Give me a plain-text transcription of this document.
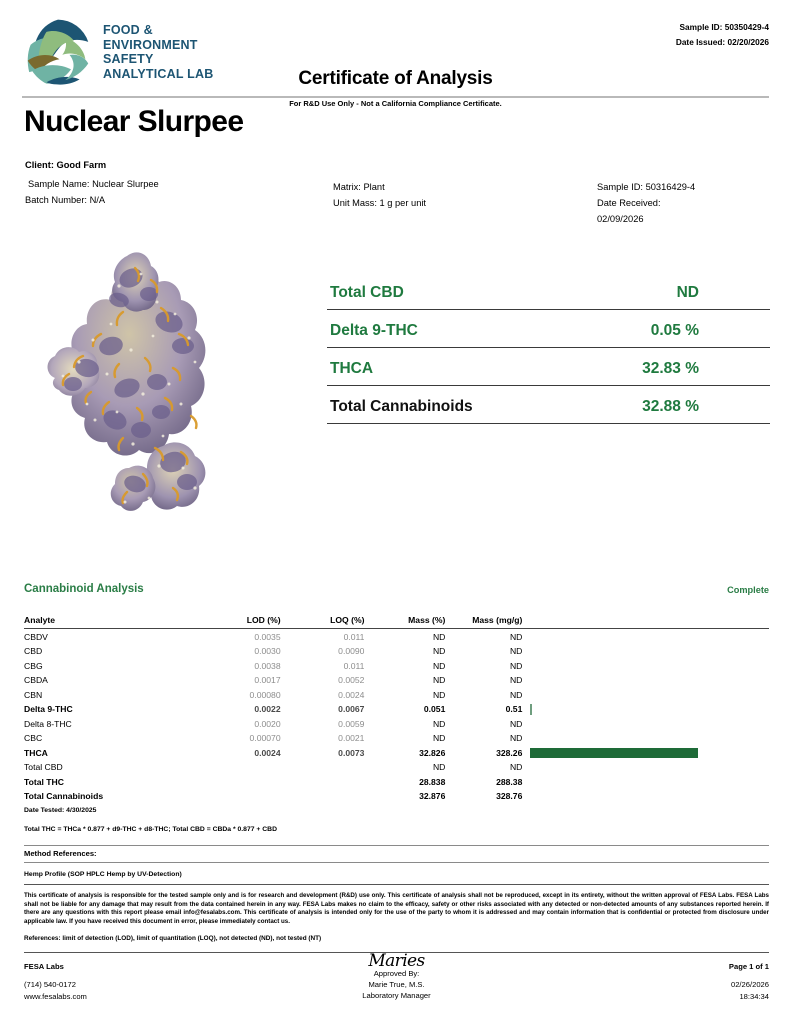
FOOD &
ENVIRONMENT
SAFETY
ANALYTICAL LAB	Certificate of Analysis
Sample ID: 50350429-4
Date Issued: 02/20/2026
For R&D Use Only - Not a California Compliance Certificate.
Nuclear Slurpee
Client: Good Farm
Sample Name: Nuclear Slurpee
Batch Number: N/A
Matrix: Plant
Unit Mass: 1 g per unit
Sample ID: 50316429-4
Date Received:
02/09/2026
Total CBD	ND
Delta 9-THC	0.05 %
THCA	32.83 %
Total Cannabinoids	32.88 %
Cannabinoid Analysis	Complete
Analyte	LOD (%)	LOQ (%)	Mass (%)	Mass (mg/g)	
CBDV	0.0035	0.011	ND	ND	
CBD	0.0030	0.0090	ND	ND	
CBG	0.0038	0.011	ND	ND	
CBDA	0.0017	0.0052	ND	ND	
CBN	0.00080	0.0024	ND	ND	
Delta 9-THC	0.0022	0.0067	0.051	0.51	
Delta 8-THC	0.0020	0.0059	ND	ND	
CBC	0.00070	0.0021	ND	ND	
THCA	0.0024	0.0073	32.826	328.26	
Total CBD			ND	ND	
Total THC			28.838	288.38	
Total Cannabinoids			32.876	328.76	
Date Tested: 4/30/2025
Total THC = THCa * 0.877 + d9-THC + d8-THC; Total CBD = CBDa * 0.877 + CBD
Method References:
Hemp Profile (SOP HPLC Hemp by UV-Detection)
This certificate of analysis is responsible for the tested sample only and is for research and development (R&D) use only. This certificate of analysis shall not be reproduced, except in its entirety, without the written approval of FESA Labs. FESA Labs shall not be liable for any damage that may result from the data contained herein in any way. FESA Labs makes no claim to the efficacy, safety or other risks associated with any detected or non-detected amounts of any substances reported herein. If there are any questions with this report please email info@fesalabs.com. This certificate of analysis is intended only for the use of the party to whom it is addressed and may contain information that is confidential or protected from disclosure under applicable law. If you have received this document in error, please immediately contact us.
References: limit of detection (LOD), limit of quantitation (LOQ), not detected (ND), not tested (NT)
FESA Labs
(714) 540-0172
www.fesalabs.com
Maries
Approved By:
Marie True, M.S.
Laboratory Manager
Page 1 of 1
02/26/2026
18:34:34
